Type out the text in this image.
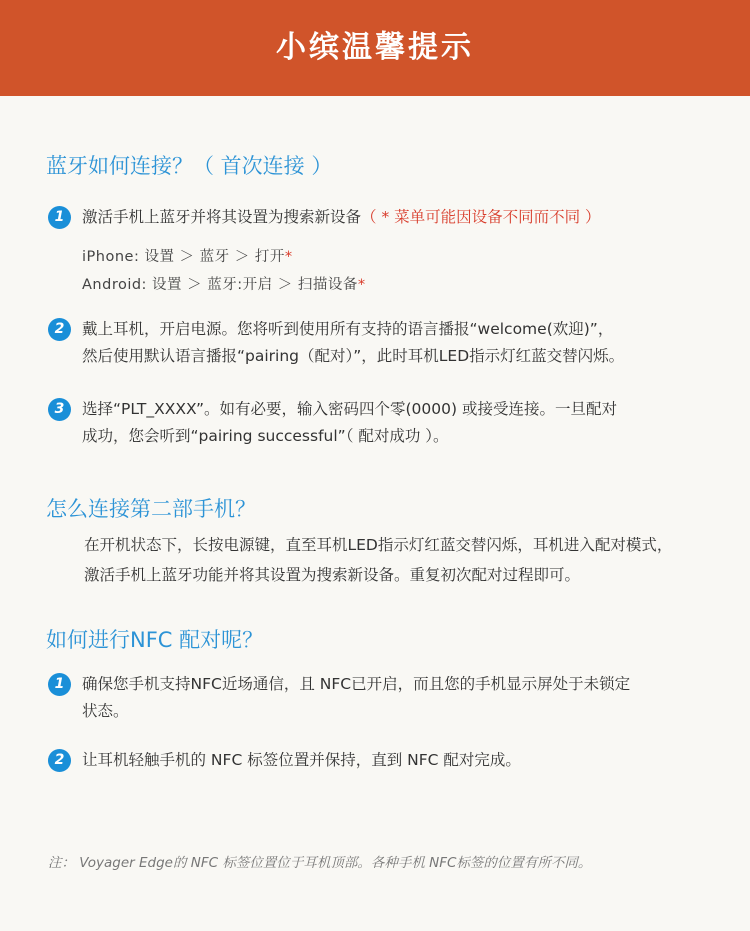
小缤温馨提示
蓝牙如何连接？（ 首次连接 ）
1	激活手机上蓝牙并将其设置为搜索新设备（ * 菜单可能因设备不同而不同 ）
iPhone: 设置 ＞ 蓝牙 ＞ 打开*
Android: 设置 ＞ 蓝牙:开启 ＞ 扫描设备*
2	戴上耳机，开启电源。您将听到使用所有支持的语言播报“welcome(欢迎)”，
然后使用默认语言播报“pairing（配对）”，此时耳机LED指示灯红蓝交替闪烁。
3	选择“PLT_XXXX”。如有必要，输入密码四个零(0000) 或接受连接。一旦配对
成功，您会听到“pairing successful”（ 配对成功 ）。
怎么连接第二部手机？
在开机状态下，长按电源键，直至耳机LED指示灯红蓝交替闪烁，耳机进入配对模式，
激活手机上蓝牙功能并将其设置为搜索新设备。重复初次配对过程即可。
如何进行NFC 配对呢？
1	确保您手机支持NFC近场通信，且 NFC已开启，而且您的手机显示屏处于未锁定
状态。
2	让耳机轻触手机的 NFC 标签位置并保持，直到 NFC 配对完成。
注： Voyager Edge的 NFC 标签位置位于耳机顶部。各种手机 NFC标签的位置有所不同。
